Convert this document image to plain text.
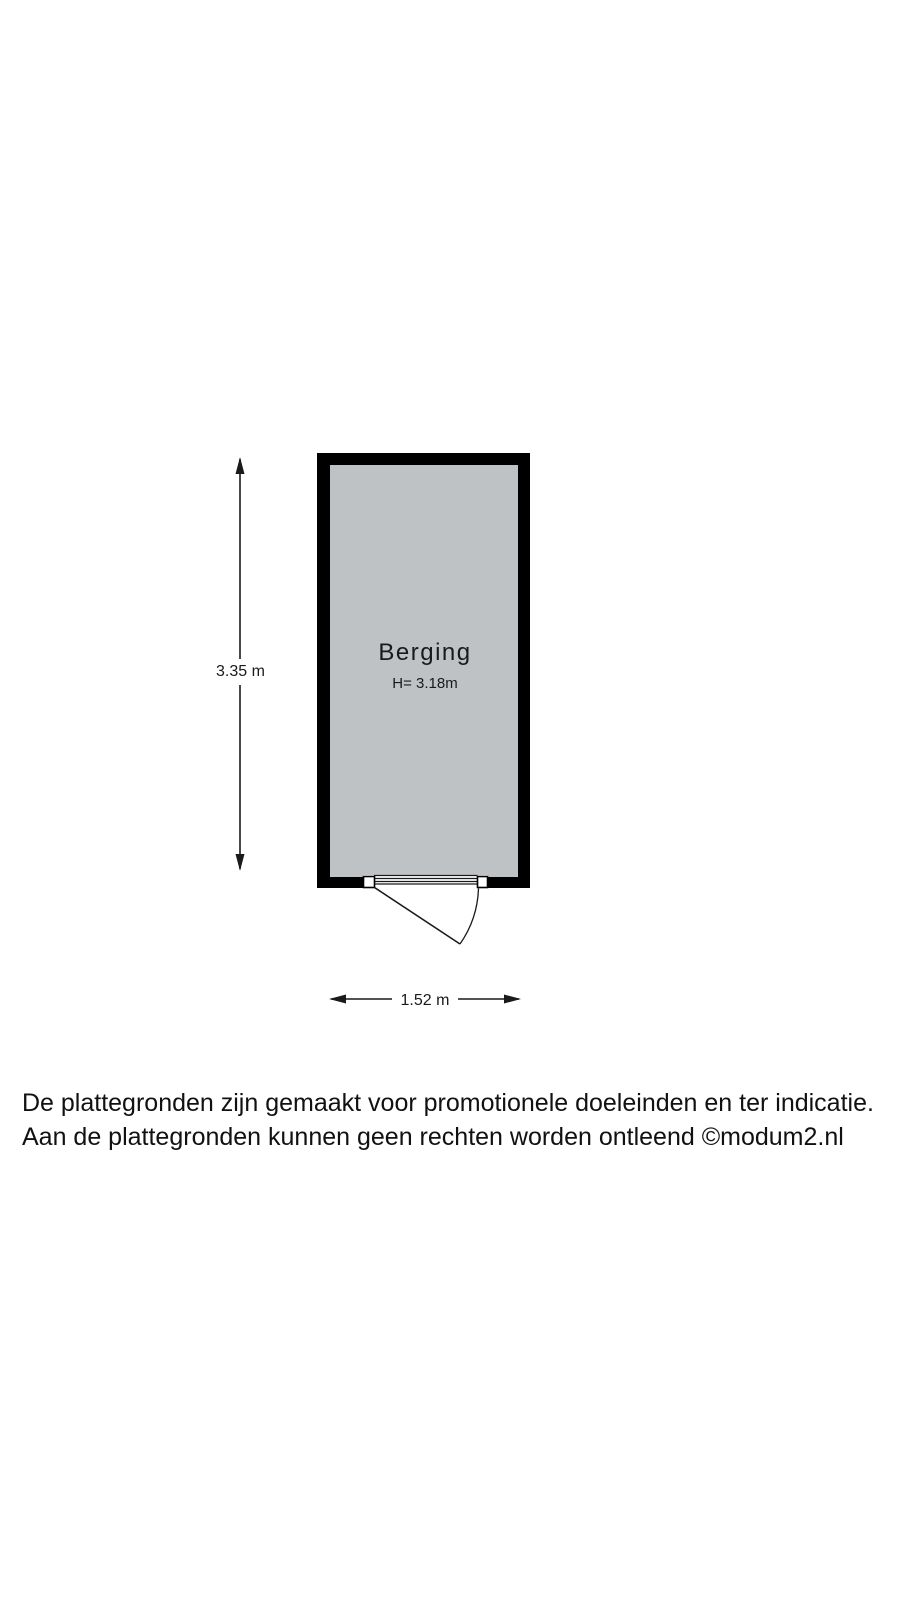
3.35 m
1.52 m
Berging
H= 3.18m
De plattegronden zijn gemaakt voor promotionele doeleinden en ter indicatie.
Aan de plattegronden kunnen geen rechten worden ontleend ©modum2.nl
